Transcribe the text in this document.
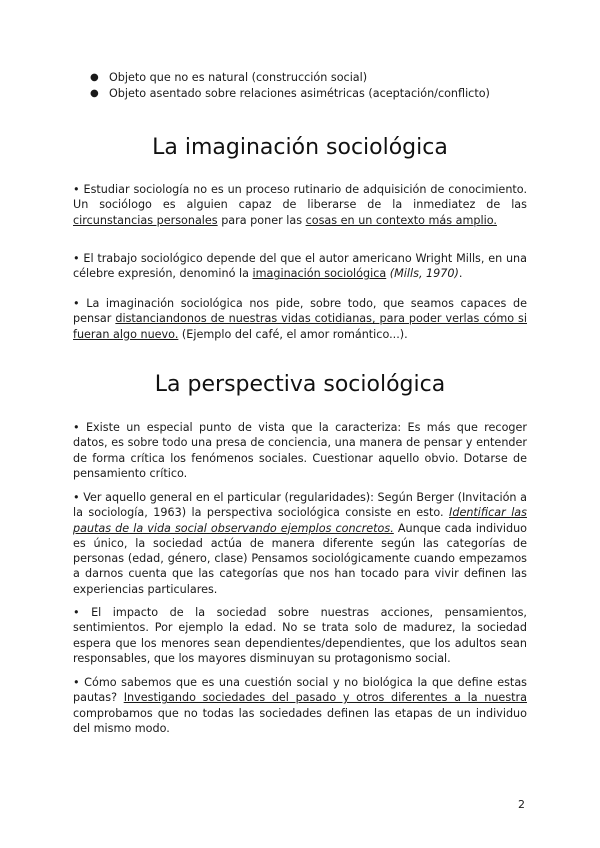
● Objeto que no es natural (construcción social)
● Objeto asentado sobre relaciones asimétricas (aceptación/conflicto)
La imaginación sociológica

• Estudiar sociología no es un proceso rutinario de adquisición de conocimiento. Un sociólogo es alguien capaz de liberarse de la inmediatez de las circunstancias personales para poner las cosas en un contexto más amplio.

• El trabajo sociológico depende del que el autor americano Wright Mills, en una célebre expresión, denominó la imaginación sociológica (Mills, 1970).

• La imaginación sociológica nos pide, sobre todo, que seamos capaces de pensar distanciandonos de nuestras vidas cotidianas, para poder verlas cómo si fueran algo nuevo. (Ejemplo del café, el amor romántico...).

La perspectiva sociológica

• Existe un especial punto de vista que la caracteriza: Es más que recoger datos, es sobre todo una presa de conciencia, una manera de pensar y entender de forma crítica los fenómenos sociales. Cuestionar aquello obvio. Dotarse de pensamiento crítico.

• Ver aquello general en el particular (regularidades): Según Berger (Invitación a la sociología, 1963) la perspectiva sociológica consiste en esto. Identificar las pautas de la vida social observando ejemplos concretos. Aunque cada individuo es único, la sociedad actúa de manera diferente según las categorías de personas (edad, género, clase) Pensamos sociológicamente cuando empezamos a darnos cuenta que las categorías que nos han tocado para vivir definen las experiencias particulares.

• El impacto de la sociedad sobre nuestras acciones, pensamientos, sentimientos. Por ejemplo la edad. No se trata solo de madurez, la sociedad espera que los menores sean dependientes/dependientes, que los adultos sean responsables, que los mayores disminuyan su protagonismo social.

• Cómo sabemos que es una cuestión social y no biológica la que define estas pautas? Investigando sociedades del pasado y otros diferentes a la nuestra comprobamos que no todas las sociedades definen las etapas de un individuo del mismo modo.

2
